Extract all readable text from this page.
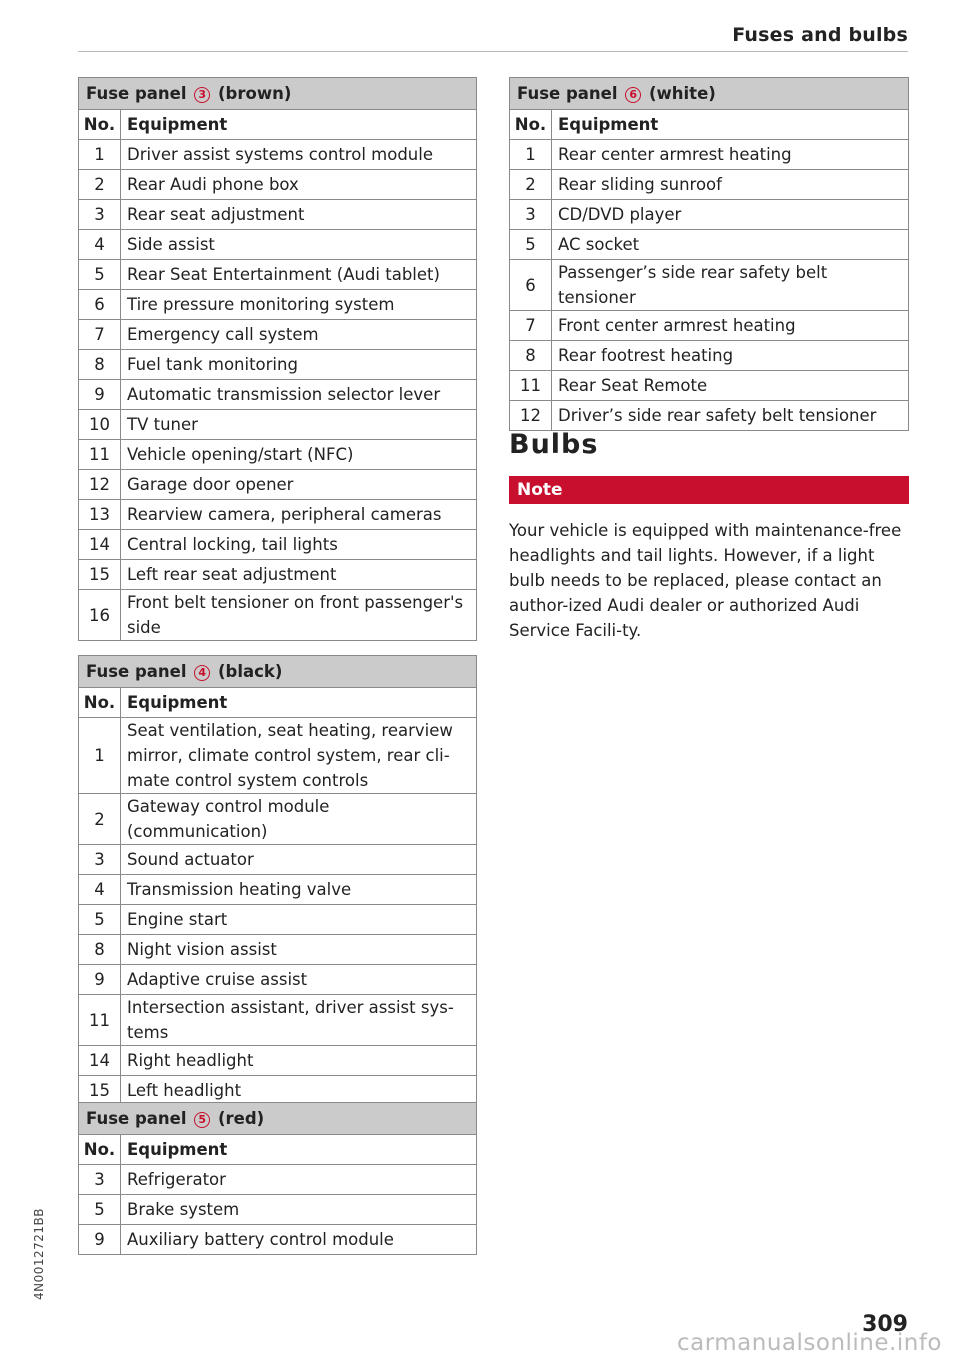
Fuses and bulbs
Fuse panel 3 (brown)	
No.	Equipment
1	Driver assist systems control module
2	Rear Audi phone box
3	Rear seat adjustment
4	Side assist
5	Rear Seat Entertainment (Audi tablet)
6	Tire pressure monitoring system
7	Emergency call system
8	Fuel tank monitoring
9	Automatic transmission selector lever
10	TV tuner
11	Vehicle opening/start (NFC)
12	Garage door opener
13	Rearview camera, peripheral cameras
14	Central locking, tail lights
15	Left rear seat adjustment
16	Front belt tensioner on front passenger's side
Fuse panel 4 (black)	
No.	Equipment
1	Seat ventilation, seat heating, rearview mirror, climate control system, rear cli-mate control system controls
2	Gateway control module (communication)
3	Sound actuator
4	Transmission heating valve
5	Engine start
8	Night vision assist
9	Adaptive cruise assist
11	Intersection assistant, driver assist sys-tems
14	Right headlight
15	Left headlight
Fuse panel 5 (red)	
No.	Equipment
3	Refrigerator
5	Brake system
9	Auxiliary battery control module
Fuse panel 6 (white)	
No.	Equipment
1	Rear center armrest heating
2	Rear sliding sunroof
3	CD/DVD player
5	AC socket
6	Passenger’s side rear safety belt tensioner
7	Front center armrest heating
8	Rear footrest heating
11	Rear Seat Remote
12	Driver’s side rear safety belt tensioner
Bulbs
Note
Your vehicle is equipped with maintenance-free headlights and tail lights. However, if a light bulb needs to be replaced, please contact an author-ized Audi dealer or authorized Audi Service Facili-ty.
4N0012721BB
309
carmanualsonline.info
